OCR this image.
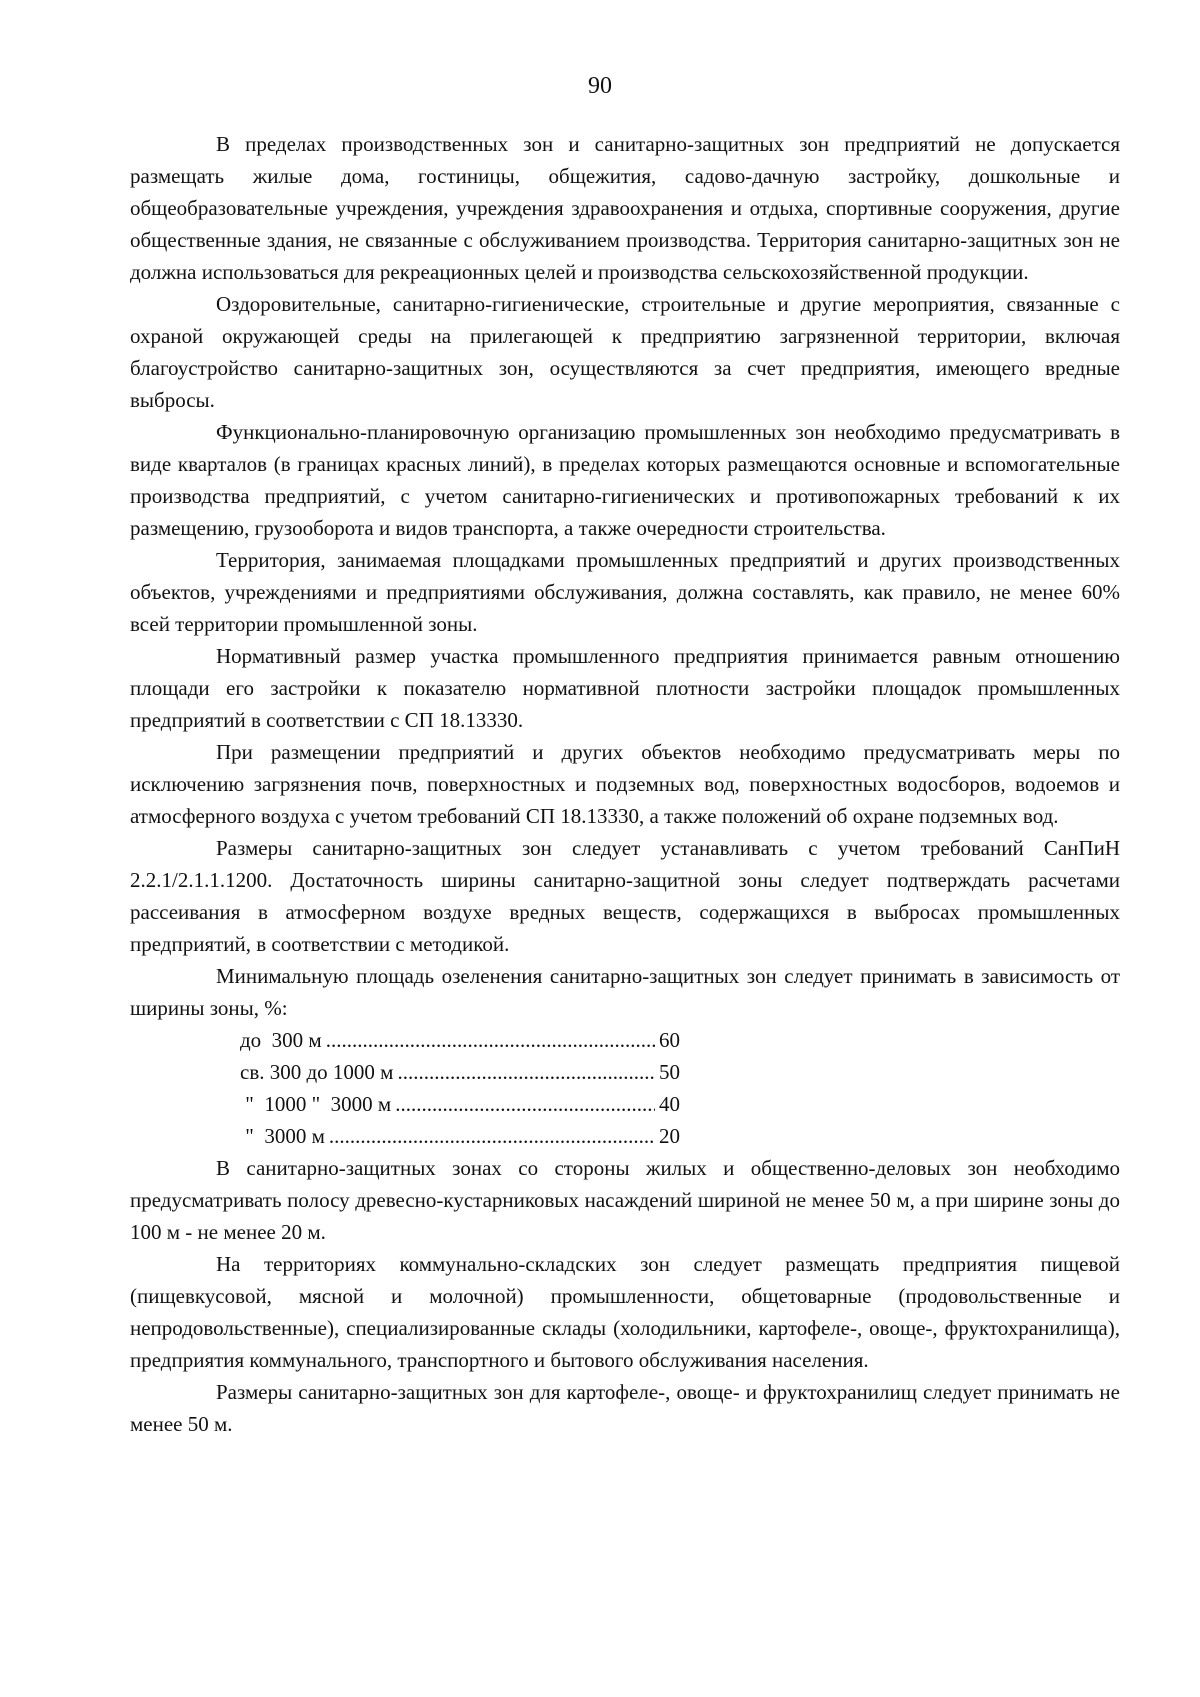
90

В пределах производственных зон и санитарно-защитных зон предприятий не допускается размещать жилые дома, гостиницы, общежития, садово-дачную застройку, дошкольные и общеобразовательные учреждения, учреждения здравоохранения и отдыха, спортивные сооружения, другие общественные здания, не связанные с обслуживанием производства. Территория санитарно-защитных зон не должна использоваться для рекреационных целей и производства сельскохозяйственной продукции.

Оздоровительные, санитарно-гигиенические, строительные и другие мероприятия, связанные с охраной окружающей среды на прилегающей к предприятию загрязненной территории, включая благоустройство санитарно-защитных зон, осуществляются за счет предприятия, имеющего вредные выбросы.

Функционально-планировочную организацию промышленных зон необходимо предусматривать в виде кварталов (в границах красных линий), в пределах которых размещаются основные и вспомогательные производства предприятий, с учетом санитарно-гигиенических и противопожарных требований к их размещению, грузооборота и видов транспорта, а также очередности строительства.

Территория, занимаемая площадками промышленных предприятий и других производственных объектов, учреждениями и предприятиями обслуживания, должна составлять, как правило, не менее 60% всей территории промышленной зоны.

Нормативный размер участка промышленного предприятия принимается равным отношению площади его застройки к показателю нормативной плотности застройки площадок промышленных предприятий в соответствии с СП 18.13330.

При размещении предприятий и других объектов необходимо предусматривать меры по исключению загрязнения почв, поверхностных и подземных вод, поверхностных водосборов, водоемов и атмосферного воздуха с учетом требований СП 18.13330, а также положений об охране подземных вод.

Размеры санитарно-защитных зон следует устанавливать с учетом требований СанПиН 2.2.1/2.1.1.1200. Достаточность ширины санитарно-защитной зоны следует подтверждать расчетами рассеивания в атмосферном воздухе вредных веществ, содержащихся в выбросах промышленных предприятий, в соответствии с методикой.

Минимальную площадь озеленения санитарно-защитных зон следует принимать в зависимость от ширины зоны, %:

до  300 м .....	60
св. 300 до 1000 м .....	50
"  1000 "  3000 м .....	40
"  3000 м .....	20

В санитарно-защитных зонах со стороны жилых и общественно-деловых зон необходимо предусматривать полосу древесно-кустарниковых насаждений шириной не менее 50 м, а при ширине зоны до 100 м - не менее 20 м.

На территориях коммунально-складских зон следует размещать предприятия пищевой (пищевкусовой, мясной и молочной) промышленности, общетоварные (продовольственные и непродовольственные), специализированные склады (холодильники, картофеле-, овоще-, фруктохранилища), предприятия коммунального, транспортного и бытового обслуживания населения.

Размеры санитарно-защитных зон для картофеле-, овоще- и фруктохранилищ следует принимать не менее 50 м.
